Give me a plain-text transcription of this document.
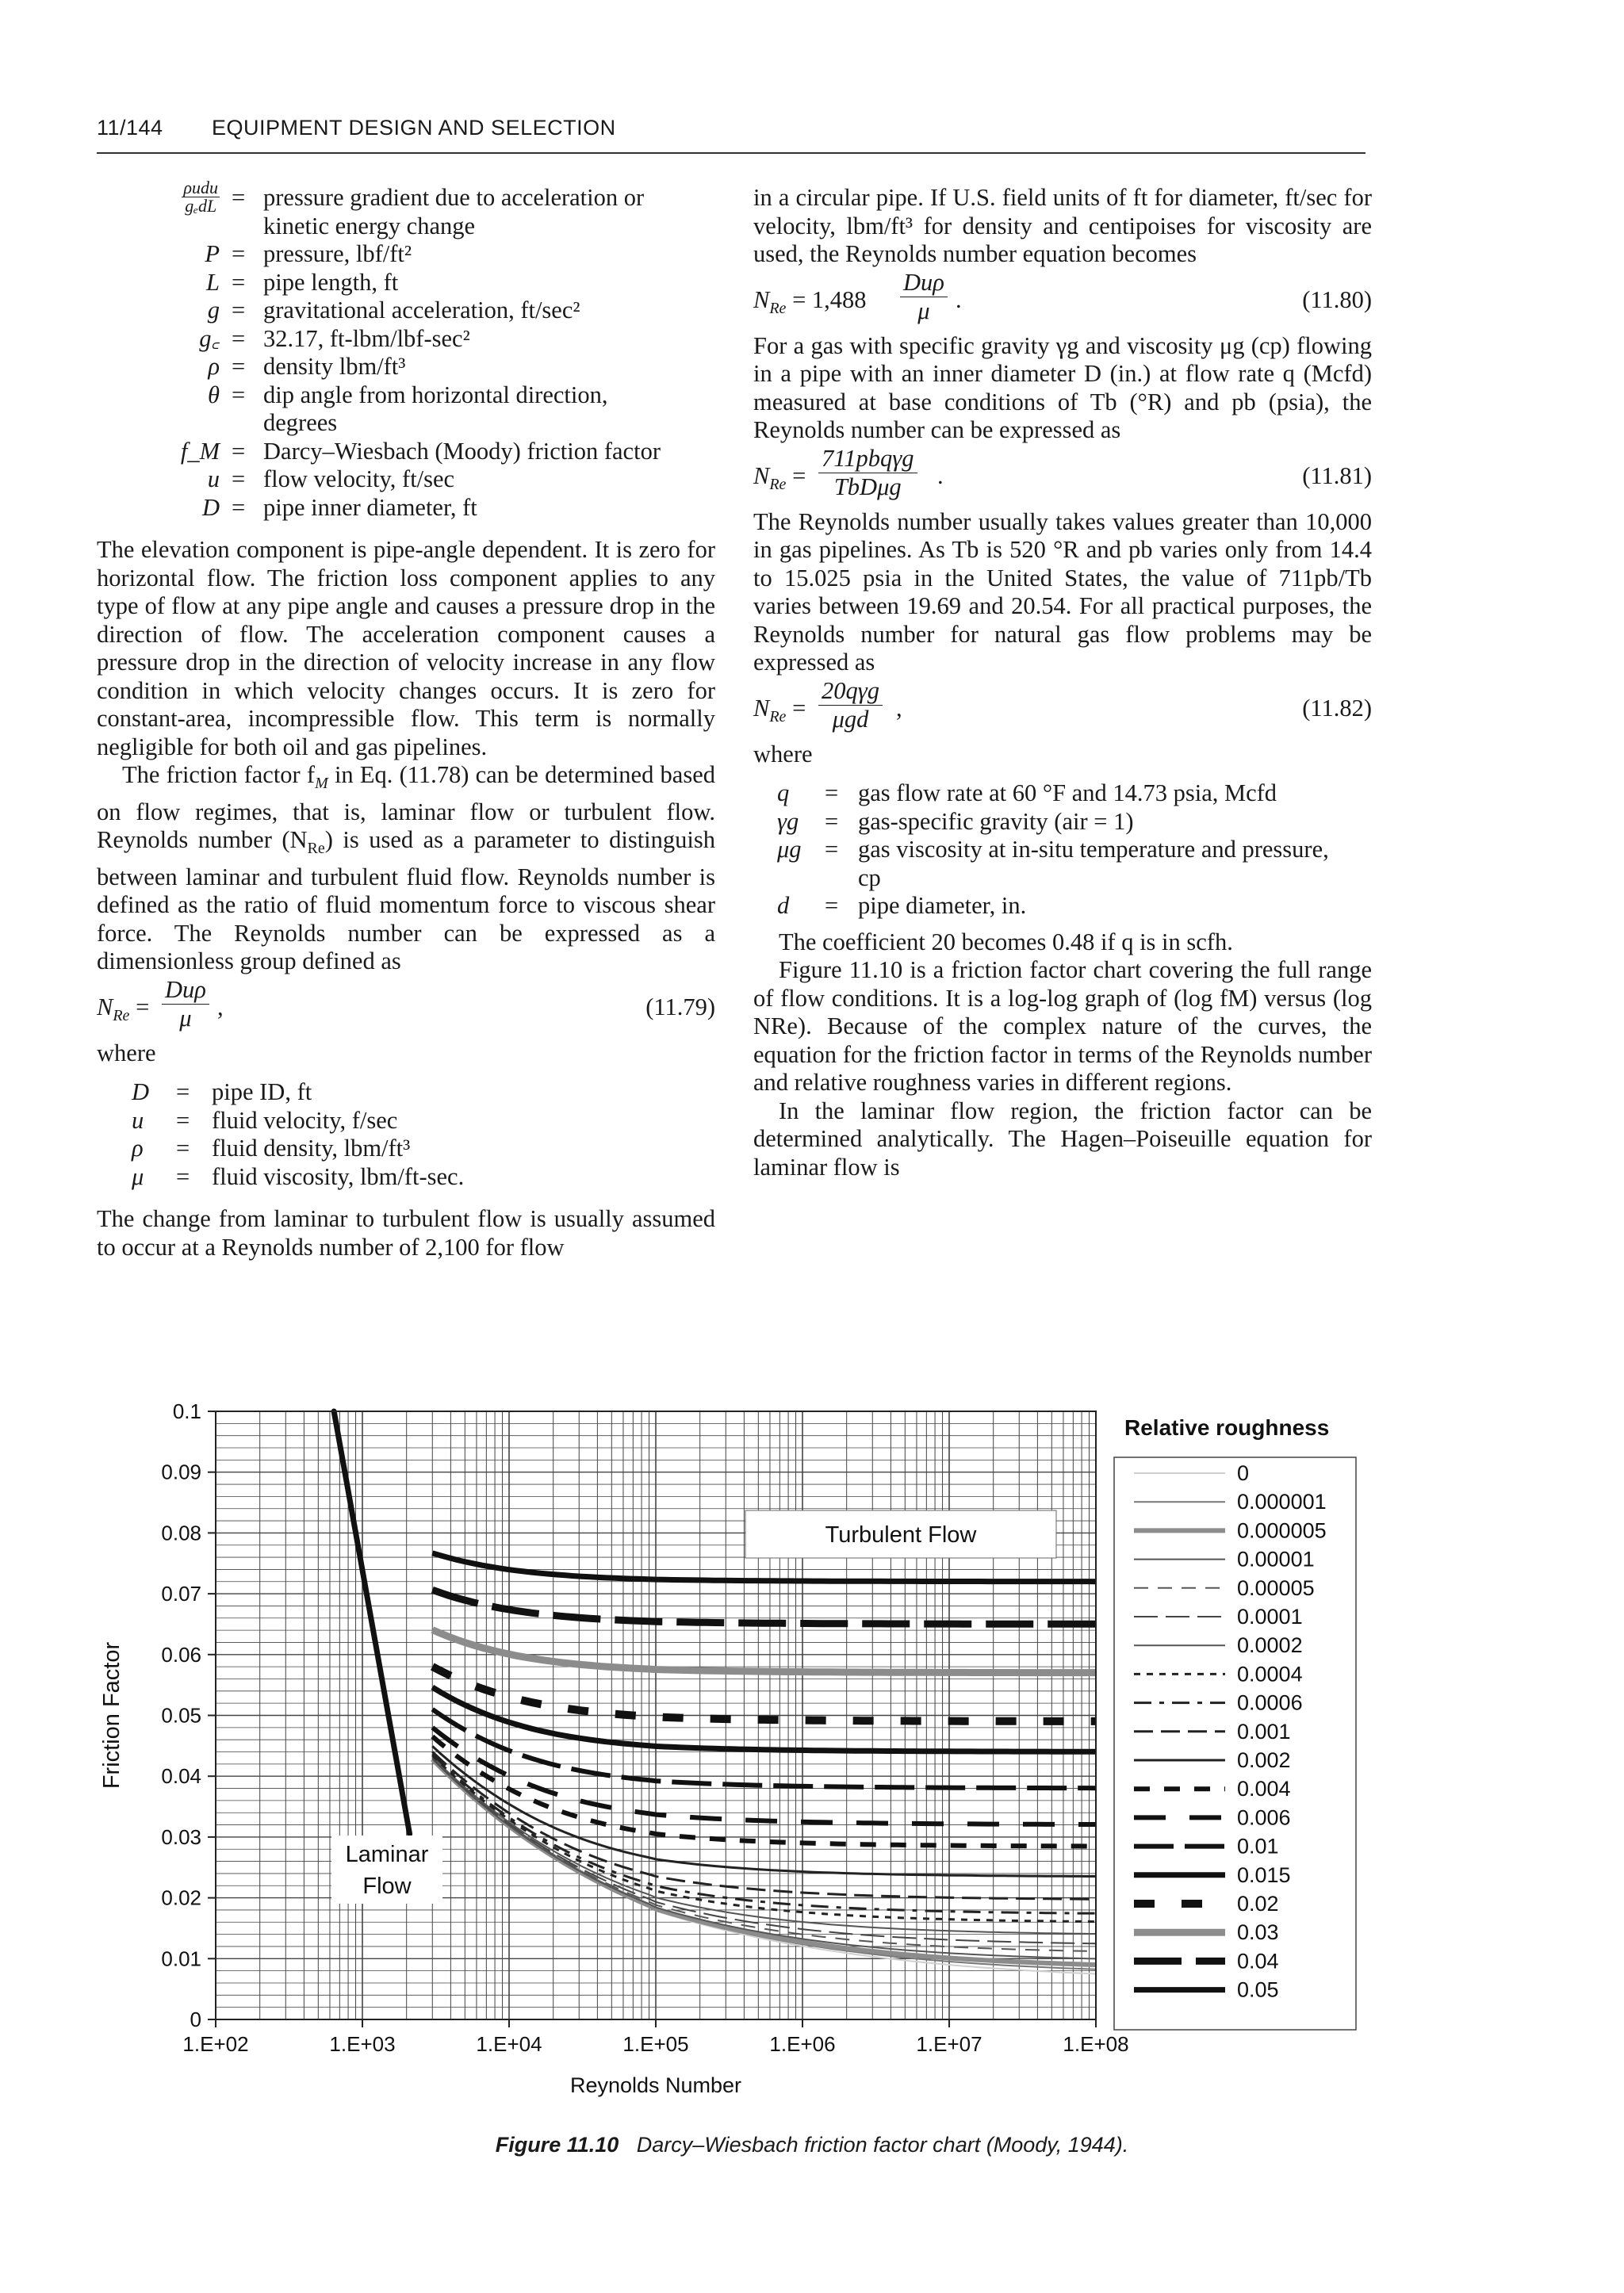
11/144 EQUIPMENT DESIGN AND SELECTION
ρudu
gₑdL = pressure gradient due to acceleration or
kinetic energy change
P = pressure, lbf/ft²
L = pipe length, ft
g = gravitational acceleration, ft/sec²
g꜀ = 32.17, ft-lbm/lbf-sec²
ρ = density lbm/ft³
θ = dip angle from horizontal direction,
degrees
f_M = Darcy–Wiesbach (Moody) friction factor
u = flow velocity, ft/sec
D = pipe inner diameter, ft

The elevation component is pipe-angle dependent. It is zero for horizontal flow. The friction loss component applies to any type of flow at any pipe angle and causes a pressure drop in the direction of flow. The acceleration component causes a pressure drop in the direction of velocity increase in any flow condition in which velocity changes occurs. It is zero for constant-area, incompressible flow. This term is normally negligible for both oil and gas pipelines.

The friction factor $f_M$ in Eq. (11.78) can be determined based on flow regimes, that is, laminar flow or turbulent flow. Reynolds number $(N_{Re})$ is used as a parameter to distinguish between laminar and turbulent fluid flow. Reynolds number is defined as the ratio of fluid momentum force to viscous shear force. The Reynolds number can be expressed as a dimensionless group defined as

$N_{Re}$ =
Duρ
μ	,	(11.79)

where

D = pipe ID, ft
u = fluid velocity, f/sec
ρ = fluid density, lbm/ft³
μ = fluid viscosity, lbm/ft-sec.

The change from laminar to turbulent flow is usually assumed to occur at a Reynolds number of 2,100 for flow

in a circular pipe. If U.S. field units of ft for diameter, ft/sec for velocity, lbm/ft³ for density and centipoises for viscosity are used, the Reynolds number equation becomes

$N_{Re} = 1,488$
Duρ
μ	.	(11.80)

For a gas with specific gravity γg and viscosity μg (cp) flowing in a pipe with an inner diameter D (in.) at flow rate q (Mcfd) measured at base conditions of Tb (°R) and pb (psia), the Reynolds number can be expressed as

$N_{Re}$ =
711pbqγg
TbDμg	.	(11.81)

The Reynolds number usually takes values greater than 10,000 in gas pipelines. As Tb is 520 °R and pb varies only from 14.4 to 15.025 psia in the United States, the value of 711pb/Tb varies between 19.69 and 20.54. For all practical purposes, the Reynolds number for natural gas flow problems may be expressed as

$N_{Re}$ =
20qγg
μgd	,	(11.82)

where

q = gas flow rate at 60 °F and 14.73 psia, Mcfd
γg = gas-specific gravity (air = 1)
μg = gas viscosity at in-situ temperature and pressure,
cp
d = pipe diameter, in.

The coefficient 20 becomes 0.48 if q is in scfh.

Figure 11.10 is a friction factor chart covering the full range of flow conditions. It is a log-log graph of (log fM) versus (log NRe). Because of the complex nature of the curves, the equation for the friction factor in terms of the Reynolds number and relative roughness varies in different regions.

In the laminar flow region, the friction factor can be determined analytically. The Hagen–Poiseuille equation for laminar flow is

0
0.01
0.02
0.03
0.04
0.05
0.06
0.07
0.08
0.09
0.1
1.E+02	1.E+03	1.E+04	1.E+05	1.E+06	1.E+07	1.E+08
Reynolds Number
Friction Factor
Turbulent Flow
Laminar
Flow
Relative roughness
0
0.000001
0.000005
0.00001
0.00005
0.0001
0.0002
0.0004
0.0006
0.001
0.002
0.004
0.006
0.01
0.015
0.02
0.03
0.04
0.05
Figure 11.10 Darcy–Wiesbach friction factor chart (Moody, 1944).
